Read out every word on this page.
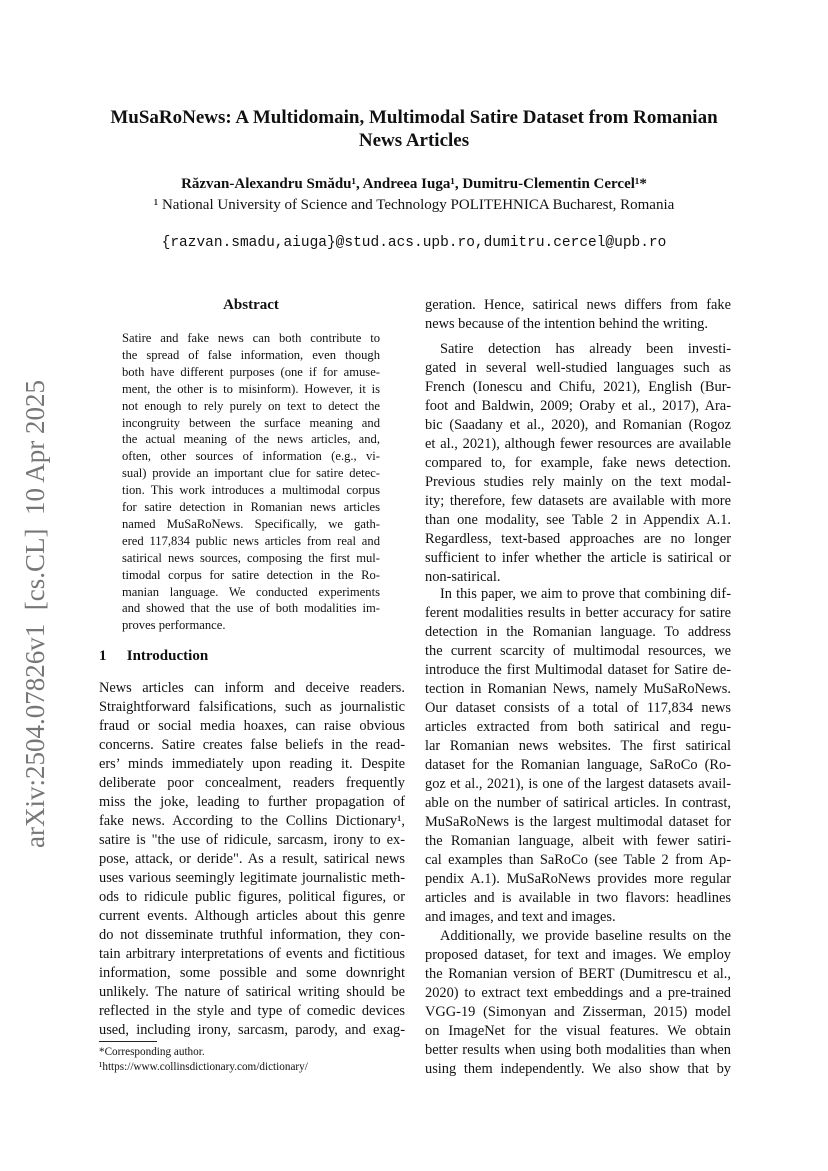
MuSaRoNews: A Multidomain, Multimodal Satire Dataset from Romanian
News Articles
Răzvan-Alexandru Smădu¹, Andreea Iuga¹, Dumitru-Clementin Cercel¹*
¹ National University of Science and Technology POLITEHNICA Bucharest, Romania
{razvan.smadu,aiuga}@stud.acs.upb.ro,dumitru.cercel@upb.ro
arXiv:2504.07826v1  [cs.CL]  10 Apr 2025
Abstract
Satire and fake news can both contribute to
the spread of false information, even though
both have different purposes (one if for amuse-
ment, the other is to misinform). However, it is
not enough to rely purely on text to detect the
incongruity between the surface meaning and
the actual meaning of the news articles, and,
often, other sources of information (e.g., vi-
sual) provide an important clue for satire detec-
tion. This work introduces a multimodal corpus
for satire detection in Romanian news articles
named MuSaRoNews. Specifically, we gath-
ered 117,834 public news articles from real and
satirical news sources, composing the first mul-
timodal corpus for satire detection in the Ro-
manian language. We conducted experiments
and showed that the use of both modalities im-
proves performance.
1 Introduction
News articles can inform and deceive readers.
Straightforward falsifications, such as journalistic
fraud or social media hoaxes, can raise obvious
concerns. Satire creates false beliefs in the read-
ers’ minds immediately upon reading it. Despite
deliberate poor concealment, readers frequently
miss the joke, leading to further propagation of
fake news. According to the Collins Dictionary¹,
satire is "the use of ridicule, sarcasm, irony to ex-
pose, attack, or deride". As a result, satirical news
uses various seemingly legitimate journalistic meth-
ods to ridicule public figures, political figures, or
current events. Although articles about this genre
do not disseminate truthful information, they con-
tain arbitrary interpretations of events and fictitious
information, some possible and some downright
unlikely. The nature of satirical writing should be
reflected in the style and type of comedic devices
used, including irony, sarcasm, parody, and exag-
*Corresponding author.
¹https://www.collinsdictionary.com/dictionary/
geration. Hence, satirical news differs from fake
news because of the intention behind the writing.
Satire detection has already been investi-
gated in several well-studied languages such as
French (Ionescu and Chifu, 2021), English (Bur-
foot and Baldwin, 2009; Oraby et al., 2017), Ara-
bic (Saadany et al., 2020), and Romanian (Rogoz
et al., 2021), although fewer resources are available
compared to, for example, fake news detection.
Previous studies rely mainly on the text modal-
ity; therefore, few datasets are available with more
than one modality, see Table 2 in Appendix A.1.
Regardless, text-based approaches are no longer
sufficient to infer whether the article is satirical or
non-satirical.
In this paper, we aim to prove that combining dif-
ferent modalities results in better accuracy for satire
detection in the Romanian language. To address
the current scarcity of multimodal resources, we
introduce the first Multimodal dataset for Satire de-
tection in Romanian News, namely MuSaRoNews.
Our dataset consists of a total of 117,834 news
articles extracted from both satirical and regu-
lar Romanian news websites. The first satirical
dataset for the Romanian language, SaRoCo (Ro-
goz et al., 2021), is one of the largest datasets avail-
able on the number of satirical articles. In contrast,
MuSaRoNews is the largest multimodal dataset for
the Romanian language, albeit with fewer satiri-
cal examples than SaRoCo (see Table 2 from Ap-
pendix A.1). MuSaRoNews provides more regular
articles and is available in two flavors: headlines
and images, and text and images.
Additionally, we provide baseline results on the
proposed dataset, for text and images. We employ
the Romanian version of BERT (Dumitrescu et al.,
2020) to extract text embeddings and a pre-trained
VGG-19 (Simonyan and Zisserman, 2015) model
on ImageNet for the visual features. We obtain
better results when using both modalities than when
using them independently. We also show that by
